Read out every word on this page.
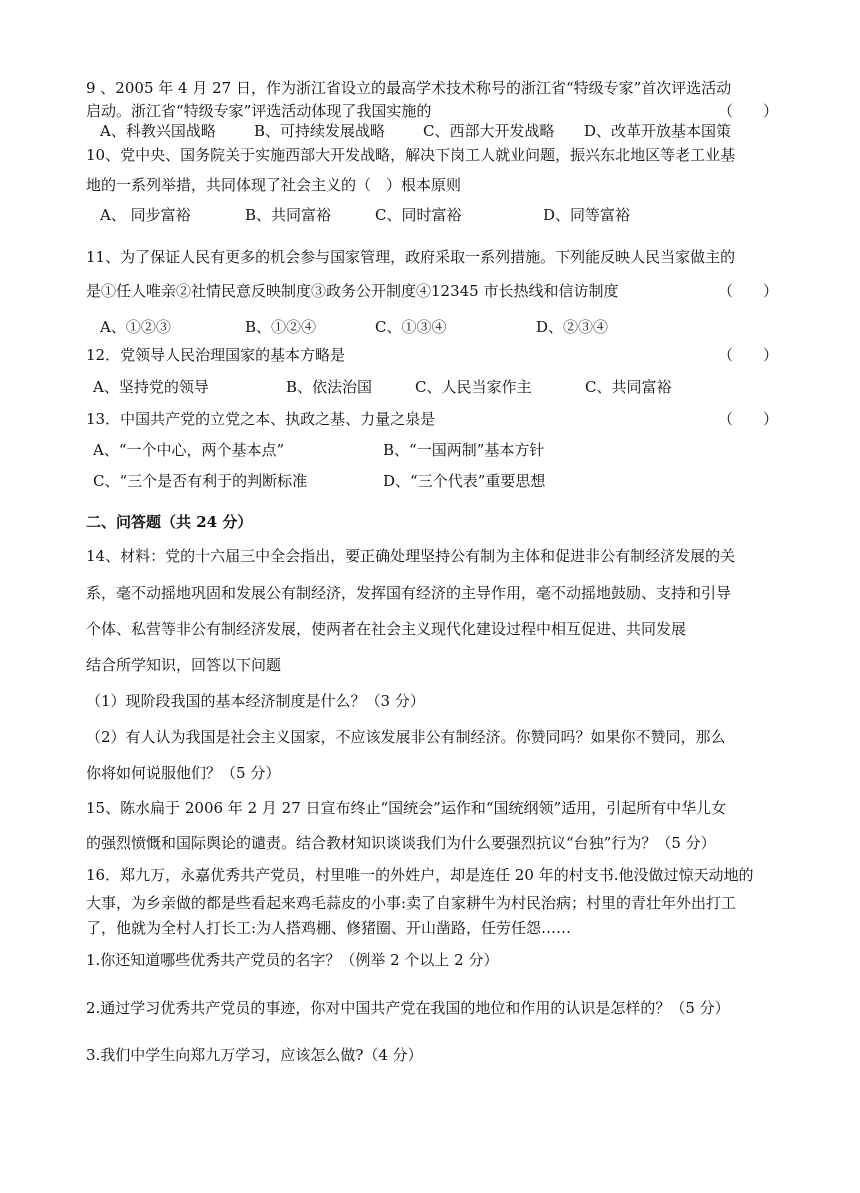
9 、2005 年 4 月 27 日，作为浙江省设立的最高学术技术称号的浙江省“特级专家”首次评选活动
启动。浙江省“特级专家”评选活动体现了我国实施的	（　　）
A、科教兴国战略	B、可持续发展战略	C、西部大开发战略 D、改革开放基本国策
10、党中央、国务院关于实施西部大开发战略，解决下岗工人就业问题，振兴东北地区等老工业基
地的一系列举措，共同体现了社会主义的（　）根本原则
A、 同步富裕	B、共同富裕	C、同时富裕	D、同等富裕
11、为了保证人民有更多的机会参与国家管理，政府采取一系列措施。下列能反映人民当家做主的
是①任人唯亲②社情民意反映制度③政务公开制度④12345 市长热线和信访制度	（　　）
A、①②③	B、①②④	C、①③④	D、②③④
12．党领导人民治理国家的基本方略是	（　　）
A、坚持党的领导	B、依法治国	C、人民当家作主	C、共同富裕
13．中国共产党的立党之本、执政之基、力量之泉是	（　　）
A、“一个中心，两个基本点”	B、“一国两制”基本方针
C、“三个是否有利于的判断标准	D、“三个代表”重要思想
二、问答题（共 24 分）
14、材料：党的十六届三中全会指出，要正确处理坚持公有制为主体和促进非公有制经济发展的关
系，毫不动摇地巩固和发展公有制经济，发挥国有经济的主导作用，毫不动摇地鼓励、支持和引导
个体、私营等非公有制经济发展，使两者在社会主义现代化建设过程中相互促进、共同发展
结合所学知识，回答以下问题
（1）现阶段我国的基本经济制度是什么？（3 分）
（2）有人认为我国是社会主义国家，不应该发展非公有制经济。你赞同吗？如果你不赞同，那么
你将如何说服他们？（5 分）
15、陈水扁于 2006 年 2 月 27 日宣布终止“国统会”运作和“国统纲领”适用，引起所有中华儿女
的强烈愤慨和国际舆论的谴责。结合教材知识谈谈我们为什么要强烈抗议“台独”行为？（5 分）
16．郑九万，永嘉优秀共产党员，村里唯一的外姓户，却是连任 20 年的村支书.他没做过惊天动地的
大事，为乡亲做的都是些看起来鸡毛蒜皮的小事:卖了自家耕牛为村民治病；村里的青壮年外出打工
了，他就为全村人打长工:为人搭鸡棚、修猪圈、开山凿路，任劳任怨……
1.你还知道哪些优秀共产党员的名字？（例举 2 个以上 2 分）
2.通过学习优秀共产党员的事迹，你对中国共产党在我国的地位和作用的认识是怎样的？（5 分）
3.我们中学生向郑九万学习，应该怎么做?（4 分）
